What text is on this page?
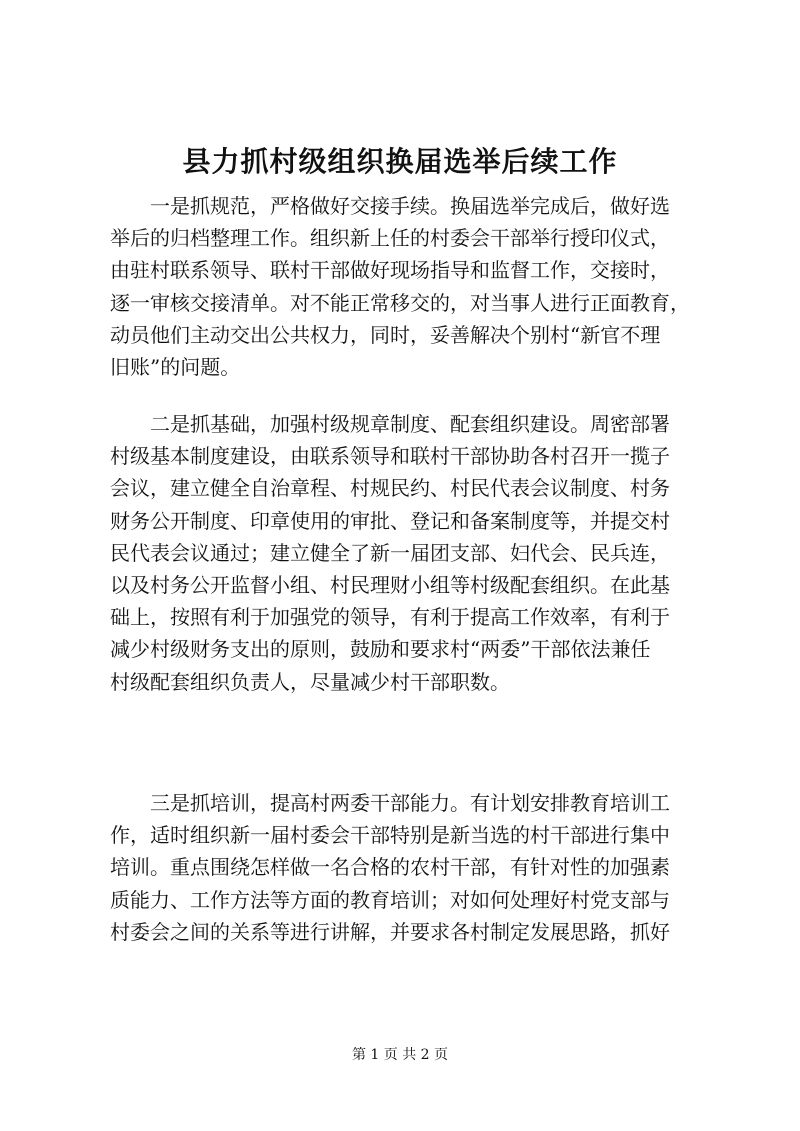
县力抓村级组织换届选举后续工作
　　一是抓规范，严格做好交接手续。换届选举完成后，做好选
举后的归档整理工作。组织新上任的村委会干部举行授印仪式，
由驻村联系领导、联村干部做好现场指导和监督工作，交接时，
逐一审核交接清单。对不能正常移交的，对当事人进行正面教育，
动员他们主动交出公共权力，同时，妥善解决个别村“新官不理
旧账”的问题。
　　二是抓基础，加强村级规章制度、配套组织建设。周密部署
村级基本制度建设，由联系领导和联村干部协助各村召开一揽子
会议，建立健全自治章程、村规民约、村民代表会议制度、村务
财务公开制度、印章使用的审批、登记和备案制度等，并提交村
民代表会议通过；建立健全了新一届团支部、妇代会、民兵连，
以及村务公开监督小组、村民理财小组等村级配套组织。在此基
础上，按照有利于加强党的领导，有利于提高工作效率，有利于
减少村级财务支出的原则，鼓励和要求村“两委”干部依法兼任
村级配套组织负责人，尽量减少村干部职数。
　　三是抓培训，提高村两委干部能力。有计划安排教育培训工
作，适时组织新一届村委会干部特别是新当选的村干部进行集中
培训。重点围绕怎样做一名合格的农村干部，有针对性的加强素
质能力、工作方法等方面的教育培训；对如何处理好村党支部与
村委会之间的关系等进行讲解，并要求各村制定发展思路，抓好

第 1 页 共 2 页
